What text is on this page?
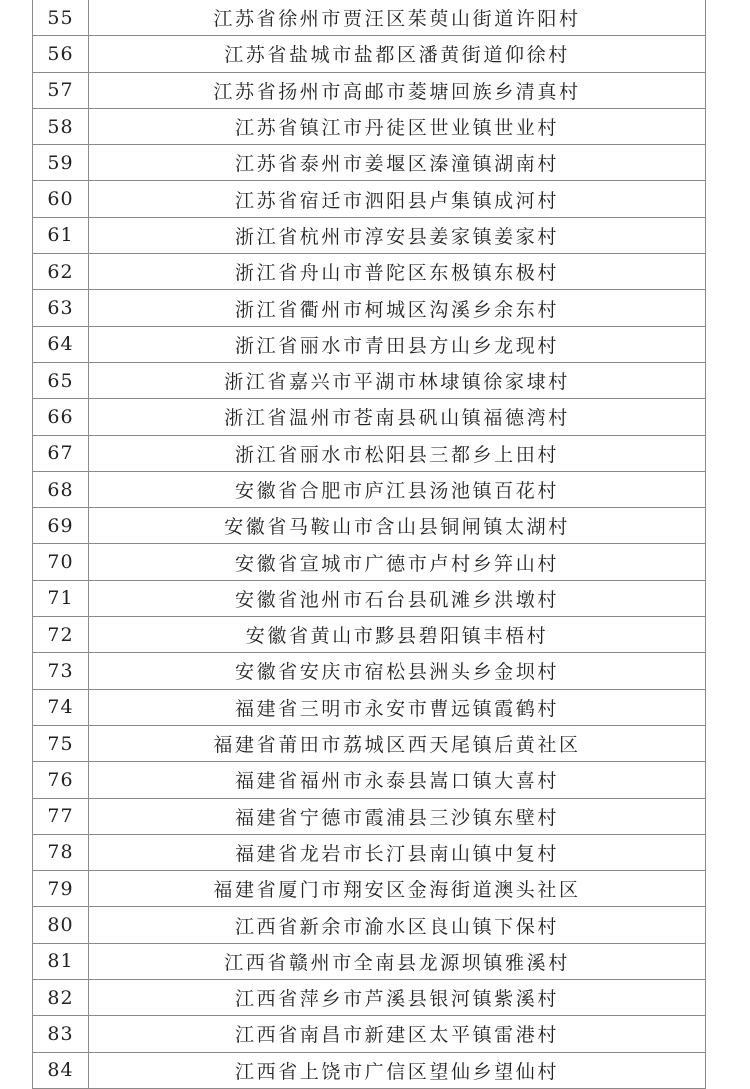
55	江苏省徐州市贾汪区茱萸山街道许阳村
56	江苏省盐城市盐都区潘黄街道仰徐村
57	江苏省扬州市高邮市菱塘回族乡清真村
58	江苏省镇江市丹徒区世业镇世业村
59	江苏省泰州市姜堰区溱潼镇湖南村
60	江苏省宿迁市泗阳县卢集镇成河村
61	浙江省杭州市淳安县姜家镇姜家村
62	浙江省舟山市普陀区东极镇东极村
63	浙江省衢州市柯城区沟溪乡余东村
64	浙江省丽水市青田县方山乡龙现村
65	浙江省嘉兴市平湖市林埭镇徐家埭村
66	浙江省温州市苍南县矾山镇福德湾村
67	浙江省丽水市松阳县三都乡上田村
68	安徽省合肥市庐江县汤池镇百花村
69	安徽省马鞍山市含山县铜闸镇太湖村
70	安徽省宣城市广德市卢村乡笄山村
71	安徽省池州市石台县矶滩乡洪墩村
72	安徽省黄山市黟县碧阳镇丰梧村
73	安徽省安庆市宿松县洲头乡金坝村
74	福建省三明市永安市曹远镇霞鹤村
75	福建省莆田市荔城区西天尾镇后黄社区
76	福建省福州市永泰县嵩口镇大喜村
77	福建省宁德市霞浦县三沙镇东壁村
78	福建省龙岩市长汀县南山镇中复村
79	福建省厦门市翔安区金海街道澳头社区
80	江西省新余市渝水区良山镇下保村
81	江西省赣州市全南县龙源坝镇雅溪村
82	江西省萍乡市芦溪县银河镇紫溪村
83	江西省南昌市新建区太平镇雷港村
84	江西省上饶市广信区望仙乡望仙村
